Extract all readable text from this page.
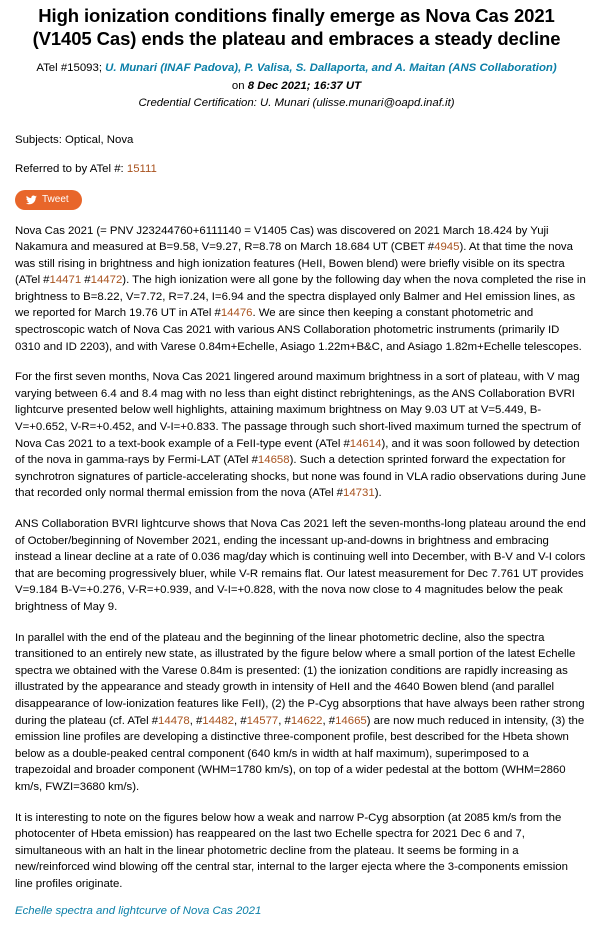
High ionization conditions finally emerge as Nova Cas 2021 (V1405 Cas) ends the plateau and embraces a steady decline
ATel #15093; U. Munari (INAF Padova), P. Valisa, S. Dallaporta, and A. Maitan (ANS Collaboration)
on 8 Dec 2021; 16:37 UT
Credential Certification: U. Munari (ulisse.munari@oapd.inaf.it)
Subjects: Optical, Nova
Referred to by ATel #: 15111
Tweet

Nova Cas 2021 (= PNV J23244760+6111140 = V1405 Cas) was discovered on 2021 March 18.424 by Yuji Nakamura and measured at B=9.58, V=9.27, R=8.78 on March 18.684 UT (CBET #4945). At that time the nova was still rising in brightness and high ionization features (HeII, Bowen blend) were briefly visible on its spectra (ATel #14471 #14472). The high ionization were all gone by the following day when the nova completed the rise in brightness to B=8.22, V=7.72, R=7.24, I=6.94 and the spectra displayed only Balmer and HeI emission lines, as we reported for March 19.76 UT in ATel #14476. We are since then keeping a constant photometric and spectroscopic watch of Nova Cas 2021 with various ANS Collaboration photometric instruments (primarily ID 0310 and ID 2203), and with Varese 0.84m+Echelle, Asiago 1.22m+B&C, and Asiago 1.82m+Echelle telescopes.

For the first seven months, Nova Cas 2021 lingered around maximum brightness in a sort of plateau, with V mag varying between 6.4 and 8.4 mag with no less than eight distinct rebrightenings, as the ANS Collaboration BVRI lightcurve presented below well highlights, attaining maximum brightness on May 9.03 UT at V=5.449, B-V=+0.652, V-R=+0.452, and V-I=+0.833. The passage through such short-lived maximum turned the spectrum of Nova Cas 2021 to a text-book example of a FeII-type event (ATel #14614), and it was soon followed by detection of the nova in gamma-rays by Fermi-LAT (ATel #14658). Such a detection sprinted forward the expectation for synchrotron signatures of particle-accelerating shocks, but none was found in VLA radio observations during June that recorded only normal thermal emission from the nova (ATel #14731).

ANS Collaboration BVRI lightcurve shows that Nova Cas 2021 left the seven-months-long plateau around the end of October/beginning of November 2021, ending the incessant up-and-downs in brightness and embracing instead a linear decline at a rate of 0.036 mag/day which is continuing well into December, with B-V and V-I colors that are becoming progressively bluer, while V-R remains flat. Our latest measurement for Dec 7.761 UT provides V=9.184 B-V=+0.276, V-R=+0.939, and V-I=+0.828, with the nova now close to 4 magnitudes below the peak brightness of May 9.

In parallel with the end of the plateau and the beginning of the linear photometric decline, also the spectra transitioned to an entirely new state, as illustrated by the figure below where a small portion of the latest Echelle spectra we obtained with the Varese 0.84m is presented: (1) the ionization conditions are rapidly increasing as illustrated by the appearance and steady growth in intensity of HeII and the 4640 Bowen blend (and parallel disappearance of low-ionization features like FeII), (2) the P-Cyg absorptions that have always been rather strong during the plateau (cf. ATel #14478, #14482, #14577, #14622, #14665) are now much reduced in intensity, (3) the emission line profiles are developing a distinctive three-component profile, best described for the Hbeta shown below as a double-peaked central component (640 km/s in width at half maximum), superimposed to a trapezoidal and broader component (WHM=1780 km/s), on top of a wider pedestal at the bottom (WHM=2860 km/s, FWZI=3680 km/s).

It is interesting to note on the figures below how a weak and narrow P-Cyg absorption (at 2085 km/s from the photocenter of Hbeta emission) has reappeared on the last two Echelle spectra for 2021 Dec 6 and 7, simultaneous with an halt in the linear photometric decline from the plateau. It seems be forming in a new/reinforced wind blowing off the central star, internal to the larger ejecta where the 3-components emission line profiles originate.

Echelle spectra and lightcurve of Nova Cas 2021
